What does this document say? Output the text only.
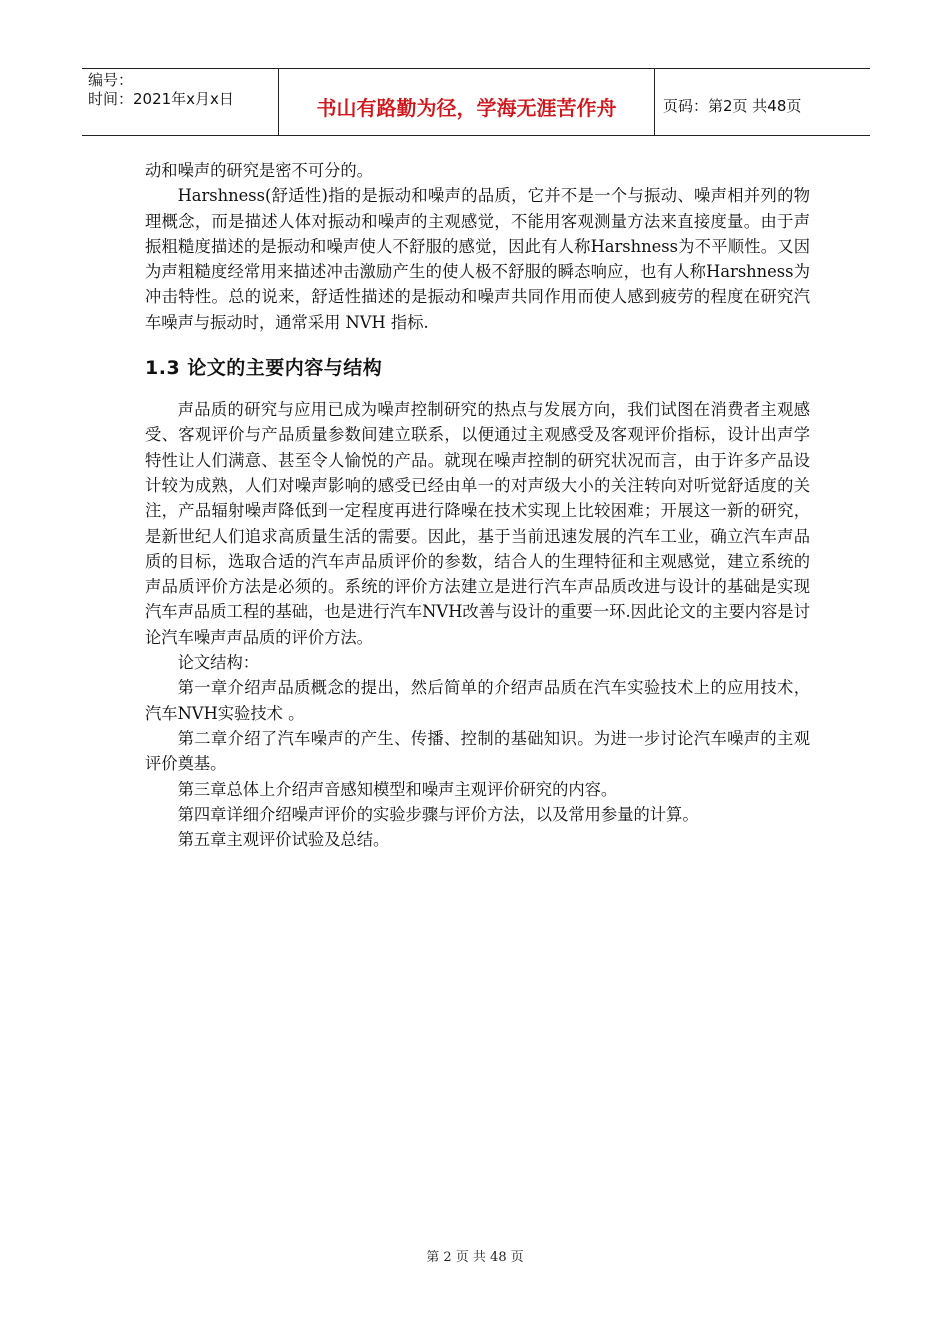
编号：
时间：2021年x月x日	书山有路勤为径，学海无涯苦作舟	页码：第2页 共48页

动和噪声的研究是密不可分的。

Harshness(舒适性)指的是振动和噪声的品质，它并不是一个与振动、噪声相并列的物理概念，而是描述人体对振动和噪声的主观感觉，不能用客观测量方法来直接度量。由于声振粗糙度描述的是振动和噪声使人不舒服的感觉，因此有人称Harshness为不平顺性。又因为声粗糙度经常用来描述冲击激励产生的使人极不舒服的瞬态响应，也有人称Harshness为冲击特性。总的说来，舒适性描述的是振动和噪声共同作用而使人感到疲劳的程度在研究汽车噪声与振动时，通常采用 NVH 指标.

1.3 论文的主要内容与结构

声品质的研究与应用已成为噪声控制研究的热点与发展方向，我们试图在消费者主观感受、客观评价与产品质量参数间建立联系，以便通过主观感受及客观评价指标，设计出声学特性让人们满意、甚至令人愉悦的产品。就现在噪声控制的研究状况而言，由于许多产品设计较为成熟，人们对噪声影响的感受已经由单一的对声级大小的关注转向对听觉舒适度的关注，产品辐射噪声降低到一定程度再进行降噪在技术实现上比较困难；开展这一新的研究，是新世纪人们追求高质量生活的需要。因此，基于当前迅速发展的汽车工业，确立汽车声品质的目标，选取合适的汽车声品质评价的参数，结合人的生理特征和主观感觉，建立系统的声品质评价方法是必须的。系统的评价方法建立是进行汽车声品质改进与设计的基础是实现汽车声品质工程的基础，也是进行汽车NVH改善与设计的重要一环.因此论文的主要内容是讨论汽车噪声声品质的评价方法。

论文结构：

第一章介绍声品质概念的提出，然后简单的介绍声品质在汽车实验技术上的应用技术，汽车NVH实验技术 。

第二章介绍了汽车噪声的产生、传播、控制的基础知识。为进一步讨论汽车噪声的主观评价奠基。

第三章总体上介绍声音感知模型和噪声主观评价研究的内容。

第四章详细介绍噪声评价的实验步骤与评价方法，以及常用参量的计算。

第五章主观评价试验及总结。

第 2 页 共 48 页
